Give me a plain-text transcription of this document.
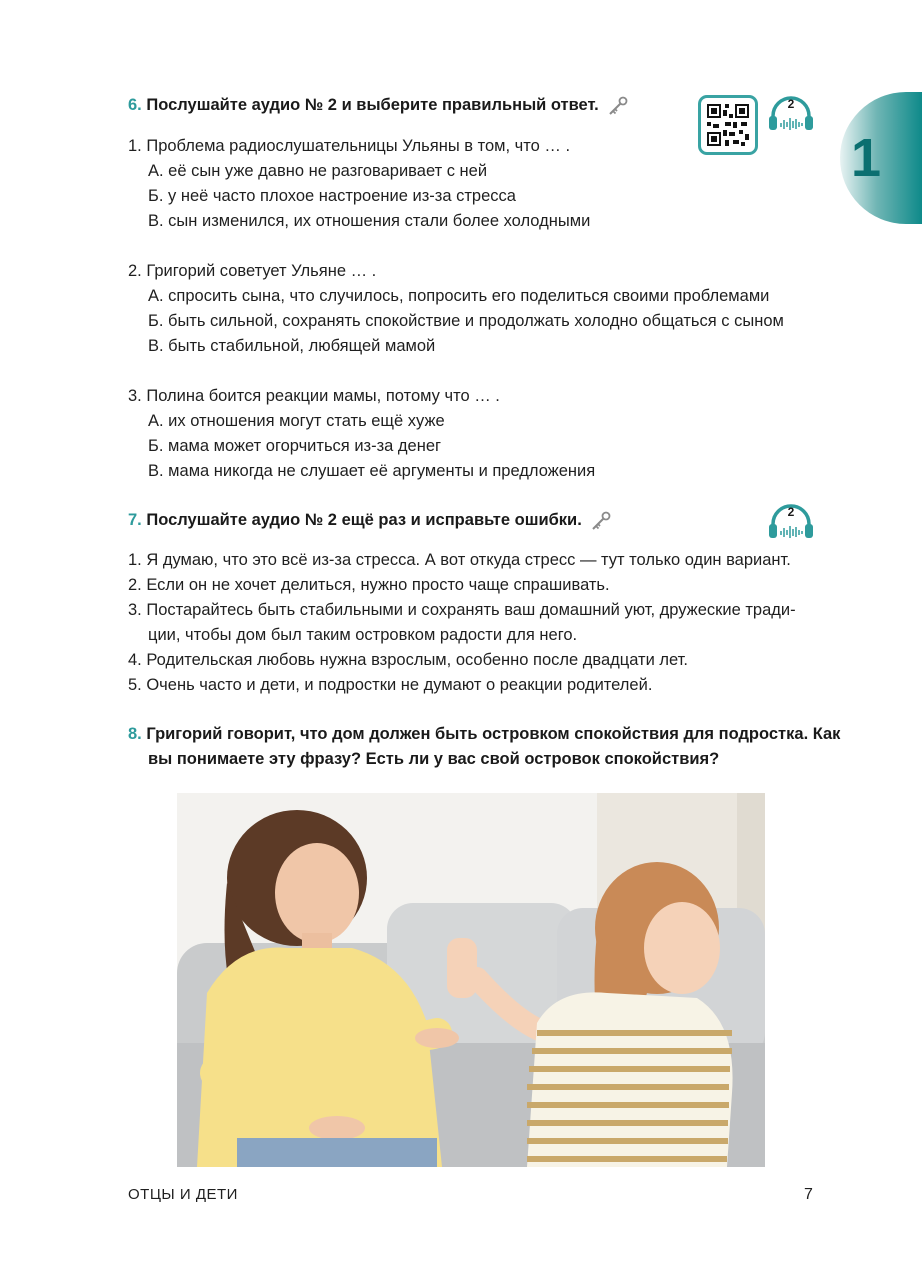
1
6. Послушайте аудио № 2 и выберите правильный ответ.	2
1. Проблема радиослушательницы Ульяны в том, что … .
А. её сын уже давно не разговаривает с ней
Б. у неё часто плохое настроение из-за стресса
В. сын изменился, их отношения стали более холодными
2. Григорий советует Ульяне … .
А. спросить сына, что случилось, попросить его поделиться своими проблемами
Б. быть сильной, сохранять спокойствие и продолжать холодно общаться с сыном
В. быть стабильной, любящей мамой
3. Полина боится реакции мамы, потому что … .
А. их отношения могут стать ещё хуже
Б. мама может огорчиться из-за денег
В. мама никогда не слушает её аргументы и предложения
7. Послушайте аудио № 2 ещё раз и исправьте ошибки.	2
1. Я думаю, что это всё из-за стресса. А вот откуда стресс — тут только один вариант.
2. Если он не хочет делиться, нужно просто чаще спрашивать.
3. Постарайтесь быть стабильными и сохранять ваш домашний уют, дружеские тради-
ции, чтобы дом был таким островком радости для него.
4. Родительская любовь нужна взрослым, особенно после двадцати лет.
5. Очень часто и дети, и подростки не думают о реакции родителей.
8. Григорий говорит, что дом должен быть островком спокойствия для подростка. Как
вы понимаете эту фразу? Есть ли у вас свой островок спокойствия?
ОТЦЫ И ДЕТИ	7
